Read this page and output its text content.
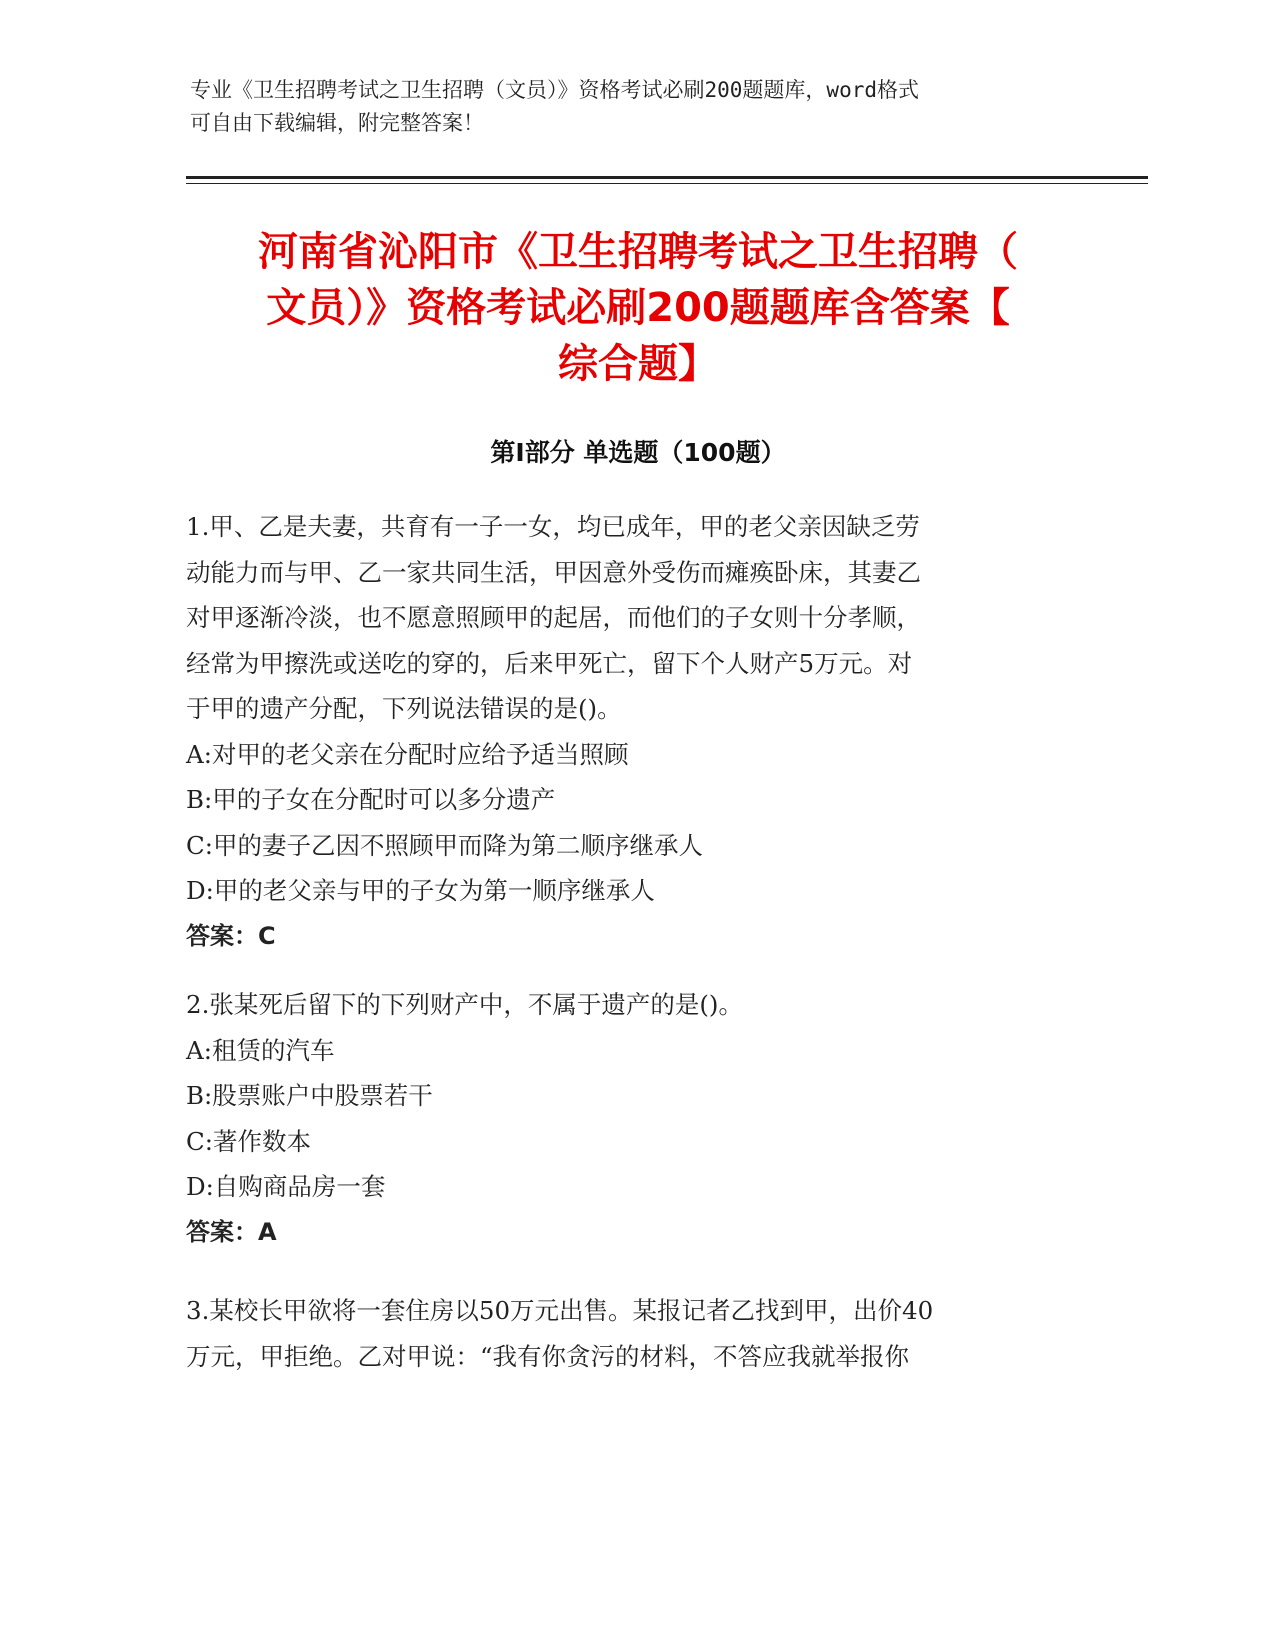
专业《卫生招聘考试之卫生招聘（文员）》资格考试必刷200题题库，word格式
可自由下载编辑，附完整答案！
河南省沁阳市《卫生招聘考试之卫生招聘（
文员）》资格考试必刷200题题库含答案【
综合题】
第I部分 单选题（100题）
1.甲、乙是夫妻，共育有一子一女，均已成年，甲的老父亲因缺乏劳
动能力而与甲、乙一家共同生活，甲因意外受伤而瘫痪卧床，其妻乙
对甲逐渐冷淡，也不愿意照顾甲的起居，而他们的子女则十分孝顺，
经常为甲擦洗或送吃的穿的，后来甲死亡，留下个人财产5万元。对
于甲的遗产分配，下列说法错误的是()。
A:对甲的老父亲在分配时应给予适当照顾
B:甲的子女在分配时可以多分遗产
C:甲的妻子乙因不照顾甲而降为第二顺序继承人
D:甲的老父亲与甲的子女为第一顺序继承人
答案：C
2.张某死后留下的下列财产中，不属于遗产的是()。
A:租赁的汽车
B:股票账户中股票若干
C:著作数本
D:自购商品房一套
答案：A
3.某校长甲欲将一套住房以50万元出售。某报记者乙找到甲，出价40
万元，甲拒绝。乙对甲说：“我有你贪污的材料，不答应我就举报你
